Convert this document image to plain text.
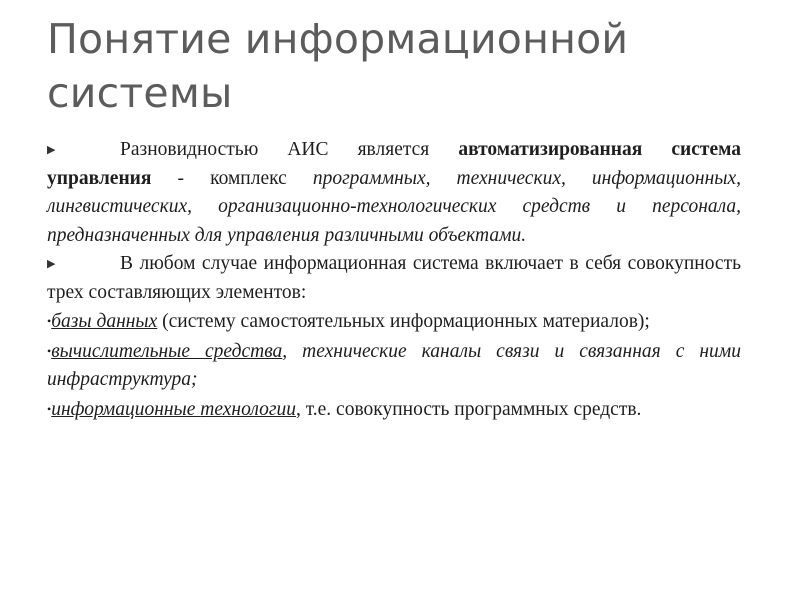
Понятие информационной системы

▶	Разновидностью АИС является автоматизированная система управления - комплекс программных, технических, информационных, лингвистических, организационно-технологических средств и персонала, предназначенных для управления различными объектами.

▶	В любом случае информационная система включает в себя совокупность трех составляющих элементов:

•базы данных (систему самостоятельных информационных материалов);

•вычислительные средства, технические каналы связи и связанная с ними инфраструктура;

•информационные технологии, т.е. совокупность программных средств.
